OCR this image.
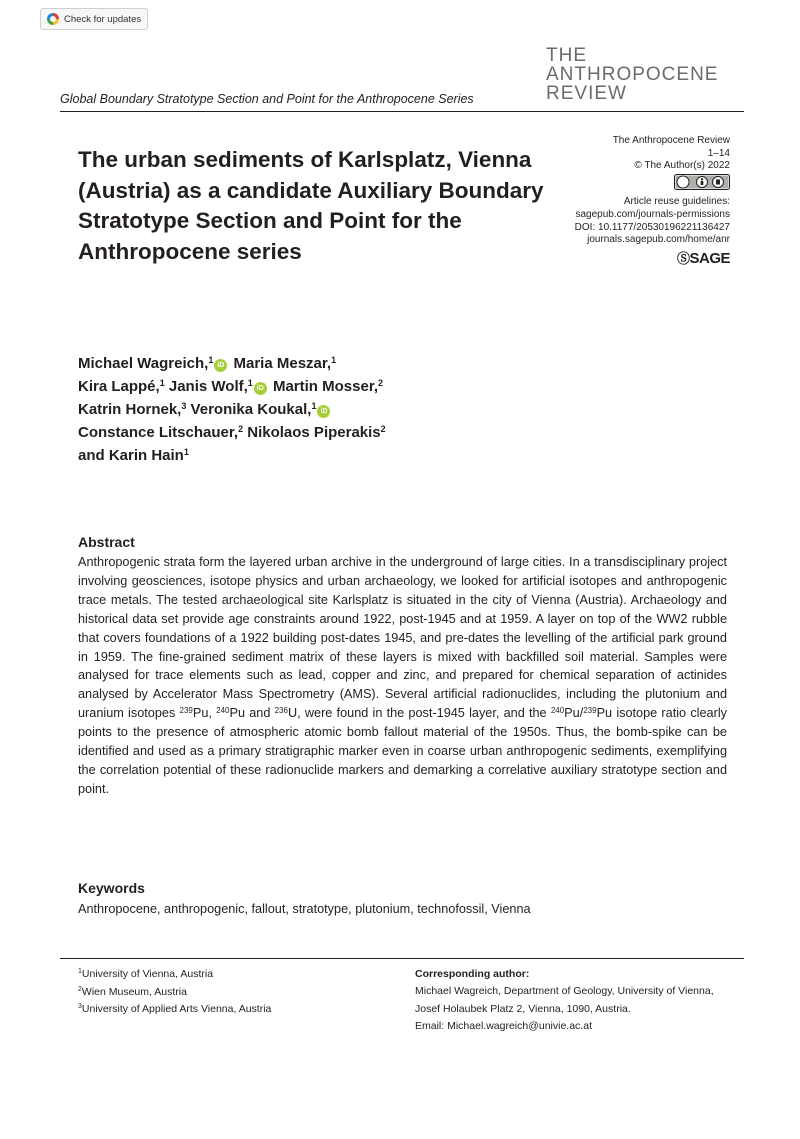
Check for updates
THE
ANTHROPOCENE
REVIEW
Global Boundary Stratotype Section and Point for the Anthropocene Series
The urban sediments of Karlsplatz, Vienna (Austria) as a candidate Auxiliary Boundary Stratotype Section and Point for the Anthropocene series
The Anthropocene Review
1–14
© The Author(s) 2022
Article reuse guidelines:
sagepub.com/journals-permissions
DOI: 10.1177/20530196221136427
journals.sagepub.com/home/anr
ⓈSAGE
Michael Wagreich,$^1$iD Maria Meszar,$^1$
Kira Lappé,$^1$ Janis Wolf,$^1$iD Martin Mosser,$^2$
Katrin Hornek,$^3$ Veronika Koukal,$^1$iD
Constance Litschauer,$^2$ Nikolaos Piperakis$^2$
and Karin Hain$^1$
Abstract
Anthropogenic strata form the layered urban archive in the underground of large cities. In a transdisciplinary project involving geosciences, isotope physics and urban archaeology, we looked for artificial isotopes and anthropogenic trace metals. The tested archaeological site Karlsplatz is situated in the city of Vienna (Austria). Archaeology and historical data set provide age constraints around 1922, post-1945 and at 1959. A layer on top of the WW2 rubble that covers foundations of a 1922 building post-dates 1945, and pre-dates the levelling of the artificial park ground in 1959. The fine-grained sediment matrix of these layers is mixed with backfilled soil material. Samples were analysed for trace elements such as lead, copper and zinc, and prepared for chemical separation of actinides analysed by Accelerator Mass Spectrometry (AMS). Several artificial radionuclides, including the plutonium and uranium isotopes $^{239}$Pu, $^{240}$Pu and $^{236}$U, were found in the post-1945 layer, and the $^{240}$Pu/$^{239}$Pu isotope ratio clearly points to the presence of atmospheric atomic bomb fallout material of the 1950s. Thus, the bomb-spike can be identified and used as a primary stratigraphic marker even in coarse urban anthropogenic sediments, exemplifying the correlation potential of these radionuclide markers and demarking a correlative auxiliary stratotype section and point.
Keywords
Anthropocene, anthropogenic, fallout, stratotype, plutonium, technofossil, Vienna
$^1$University of Vienna, Austria
$^2$Wien Museum, Austria
$^3$University of Applied Arts Vienna, Austria
Corresponding author:
Michael Wagreich, Department of Geology, University of Vienna, Josef Holaubek Platz 2, Vienna, 1090, Austria.
Email: Michael.wagreich@univie.ac.at
